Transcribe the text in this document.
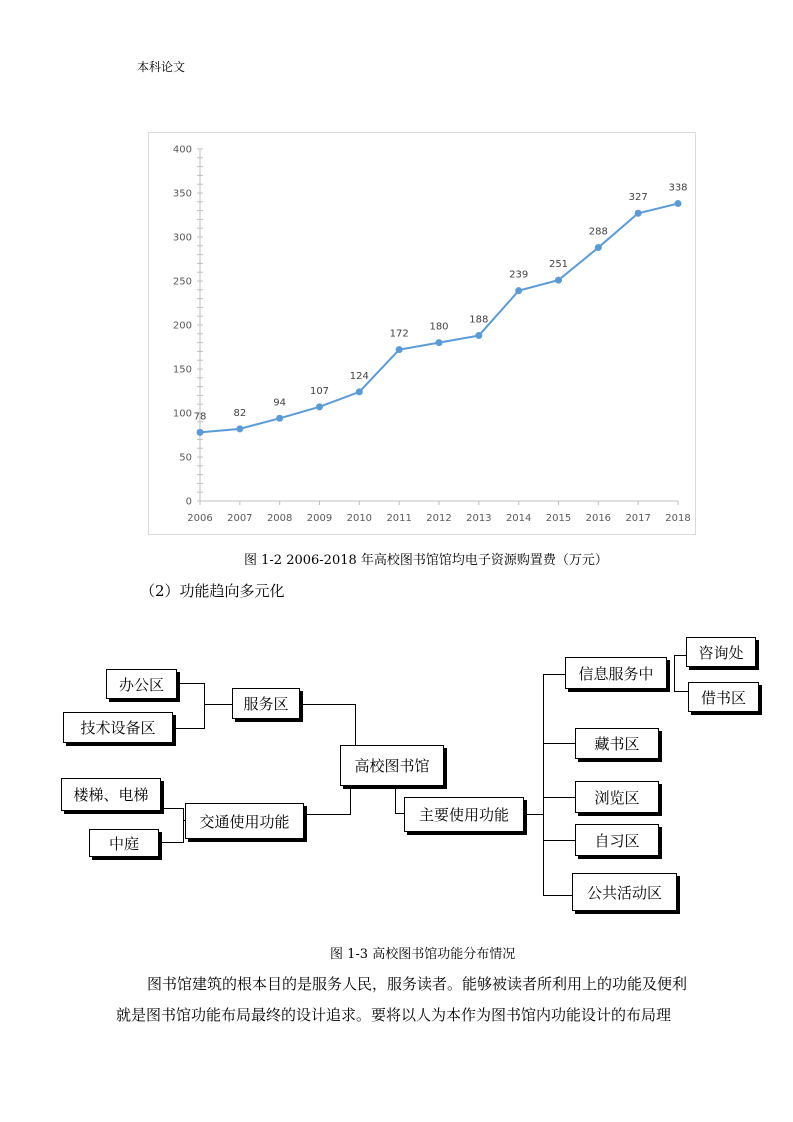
本科论文
0
50
100
150
200
250
300
350
400
2006 2007 2008 2009 2010 2011 2012 2013 2014 2015 2016 2017 2018
78	82
94
107
124
172
180
188
239
251
288
327
338
图 1-2 2006-2018 年高校图书馆馆均电子资源购置费（万元）
（2）功能趋向多元化
办公区
技术设备区
服务区
高校图书馆
楼梯、电梯
中庭
交通使用功能	主要使用功能
信息服务中
咨询处
借书区
藏书区
浏览区
自习区
公共活动区
图 1-3 高校图书馆功能分布情况
图书馆建筑的根本目的是服务人民，服务读者。能够被读者所利用上的功能及便利
就是图书馆功能布局最终的设计追求。要将以人为本作为图书馆内功能设计的布局理
